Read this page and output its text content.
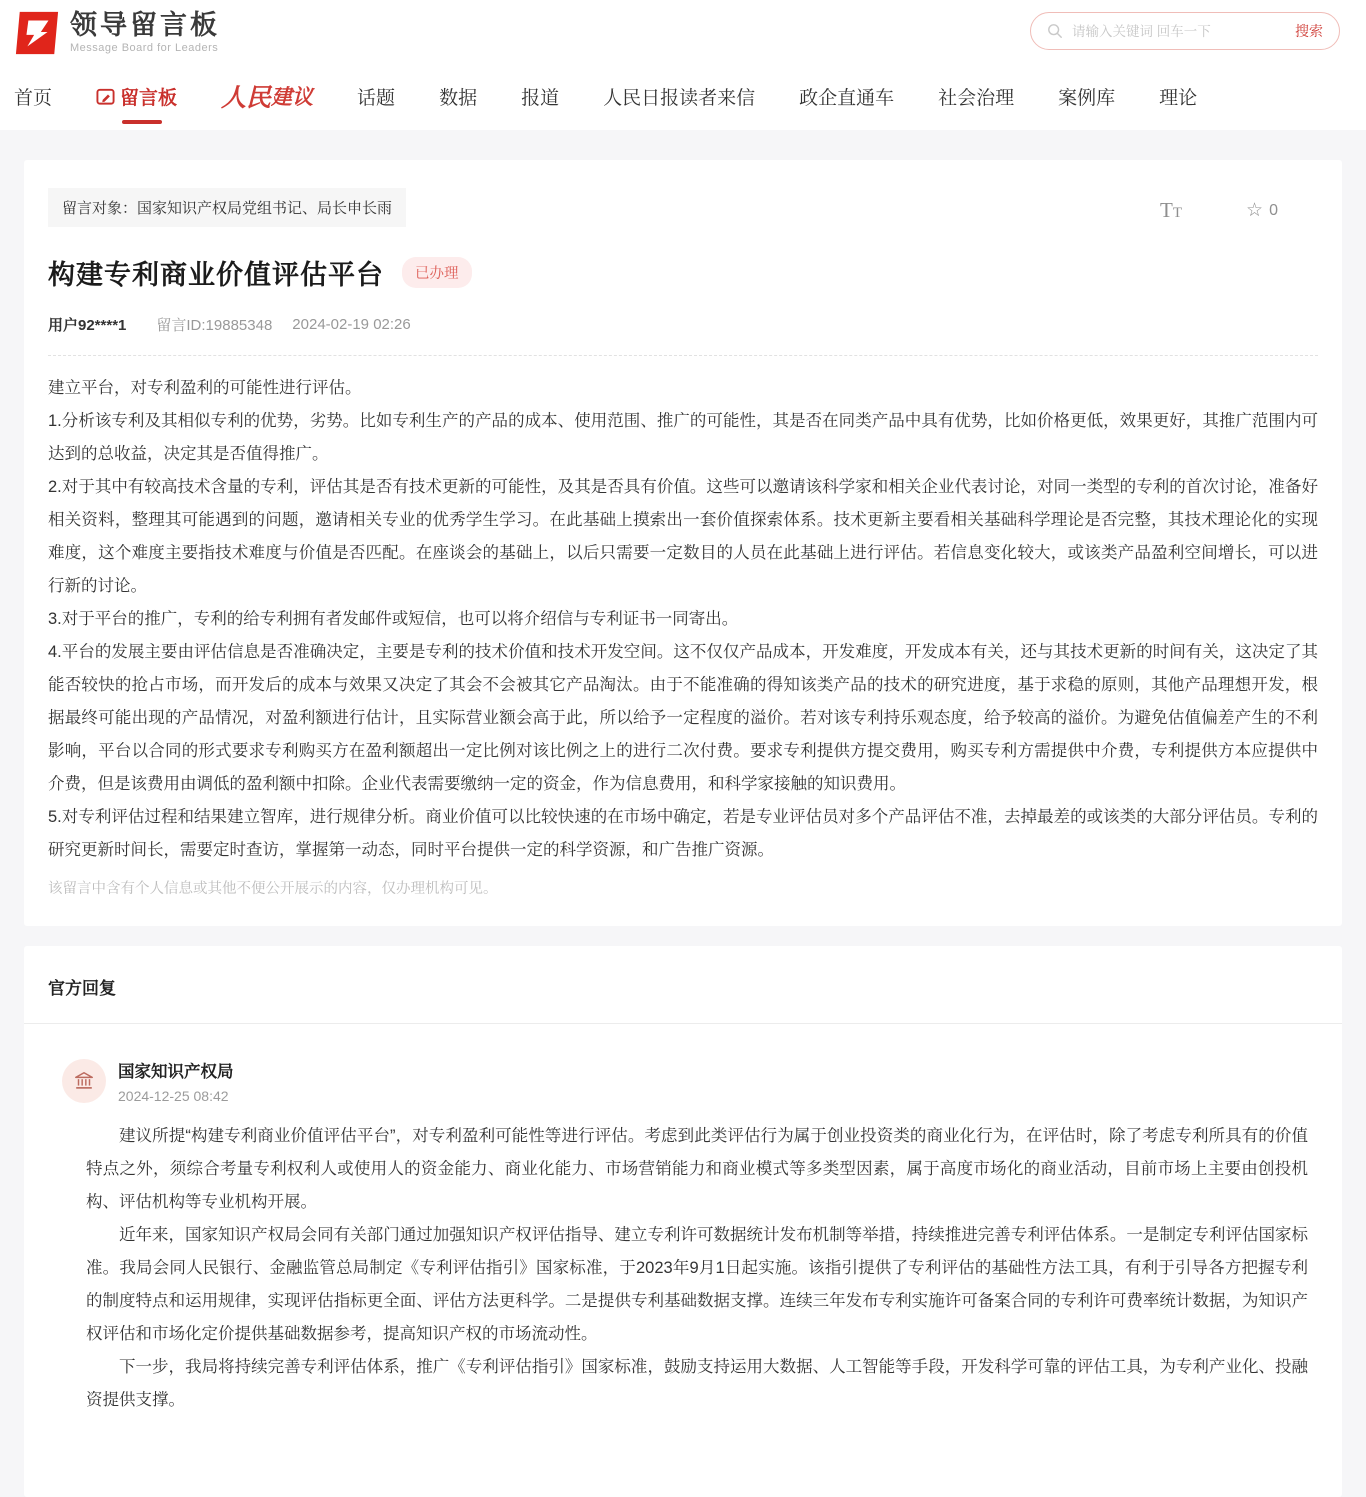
领导留言板
Message Board for Leaders
请输入关键词 回车一下
搜索
首页	留言板 人民 建议 话题 数据 报道 人民日报读者来信 政企直通车 社会治理 案例库 理论
留言对象：国家知识产权局党组书记、局长申长雨	TT	☆ 0
构建专利商业价值评估平台	已办理
用户92****1 留言ID:19885348 2024-02-19 02:26

建立平台，对专利盈利的可能性进行评估。

1.分析该专利及其相似专利的优势，劣势。比如专利生产的产品的成本、使用范围、推广的可能性，其是否在同类产品中具有优势，比如价格更低，效果更好，其推广范围内可达到的总收益，决定其是否值得推广。

2.对于其中有较高技术含量的专利，评估其是否有技术更新的可能性，及其是否具有价值。这些可以邀请该科学家和相关企业代表讨论，对同一类型的专利的首次讨论，准备好相关资料，整理其可能遇到的问题，邀请相关专业的优秀学生学习。在此基础上摸索出一套价值探索体系。技术更新主要看相关基础科学理论是否完整，其技术理论化的实现难度，这个难度主要指技术难度与价值是否匹配。在座谈会的基础上，以后只需要一定数目的人员在此基础上进行评估。若信息变化较大，或该类产品盈利空间增长，可以进行新的讨论。

3.对于平台的推广，专利的给专利拥有者发邮件或短信，也可以将介绍信与专利证书一同寄出。

4.平台的发展主要由评估信息是否准确决定，主要是专利的技术价值和技术开发空间。这不仅仅产品成本，开发难度，开发成本有关，还与其技术更新的时间有关，这决定了其能否较快的抢占市场，而开发后的成本与效果又决定了其会不会被其它产品淘汰。由于不能准确的得知该类产品的技术的研究进度，基于求稳的原则，其他产品理想开发，根据最终可能出现的产品情况，对盈利额进行估计，且实际营业额会高于此，所以给予一定程度的溢价。若对该专利持乐观态度，给予较高的溢价。为避免估值偏差产生的不利影响，平台以合同的形式要求专利购买方在盈利额超出一定比例对该比例之上的进行二次付费。要求专利提供方提交费用，购买专利方需提供中介费，专利提供方本应提供中介费，但是该费用由调低的盈利额中扣除。企业代表需要缴纳一定的资金，作为信息费用，和科学家接触的知识费用。

5.对专利评估过程和结果建立智库，进行规律分析。商业价值可以比较快速的在市场中确定，若是专业评估员对多个产品评估不准，去掉最差的或该类的大部分评估员。专利的研究更新时间长，需要定时查访，掌握第一动态，同时平台提供一定的科学资源，和广告推广资源。

该留言中含有个人信息或其他不便公开展示的内容，仅办理机构可见。
官方回复
国家知识产权局
2024-12-25 08:42

建议所提“构建专利商业价值评估平台”，对专利盈利可能性等进行评估。考虑到此类评估行为属于创业投资类的商业化行为，在评估时，除了考虑专利所具有的价值特点之外，须综合考量专利权利人或使用人的资金能力、商业化能力、市场营销能力和商业模式等多类型因素，属于高度市场化的商业活动，目前市场上主要由创投机构、评估机构等专业机构开展。

近年来，国家知识产权局会同有关部门通过加强知识产权评估指导、建立专利许可数据统计发布机制等举措，持续推进完善专利评估体系。一是制定专利评估国家标准。我局会同人民银行、金融监管总局制定《专利评估指引》国家标准，于2023年9月1日起实施。该指引提供了专利评估的基础性方法工具，有利于引导各方把握专利的制度特点和运用规律，实现评估指标更全面、评估方法更科学。二是提供专利基础数据支撑。连续三年发布专利实施许可备案合同的专利许可费率统计数据，为知识产权评估和市场化定价提供基础数据参考，提高知识产权的市场流动性。

下一步，我局将持续完善专利评估体系，推广《专利评估指引》国家标准，鼓励支持运用大数据、人工智能等手段，开发科学可靠的评估工具，为专利产业化、投融资提供支撑。
